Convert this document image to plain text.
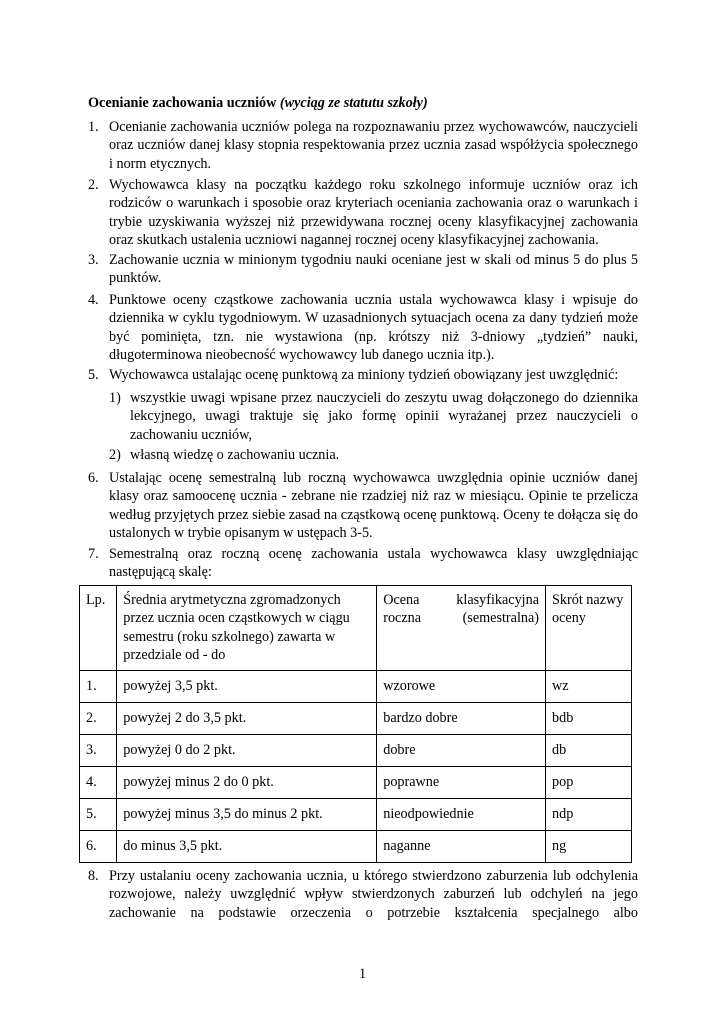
Ocenianie zachowania uczniów (wyciąg ze statutu szkoły)
1. Ocenianie zachowania uczniów polega na rozpoznawaniu przez wychowawców, nauczycieli oraz uczniów danej klasy stopnia respektowania przez ucznia zasad współżycia społecznego i norm etycznych.
2. Wychowawca klasy na początku każdego roku szkolnego informuje uczniów oraz ich rodziców o warunkach i sposobie oraz kryteriach oceniania zachowania oraz o warunkach i trybie uzyskiwania wyższej niż przewidywana rocznej oceny klasyfikacyjnej zachowania oraz skutkach ustalenia uczniowi nagannej rocznej oceny klasyfikacyjnej zachowania.
3. Zachowanie ucznia w minionym tygodniu nauki oceniane jest w skali od minus 5 do plus 5 punktów.
4. Punktowe oceny cząstkowe zachowania ucznia ustala wychowawca klasy i wpisuje do dziennika w cyklu tygodniowym. W uzasadnionych sytuacjach ocena za dany tydzień może być pominięta, tzn. nie wystawiona (np. krótszy niż 3-dniowy „tydzień” nauki, długoterminowa nieobecność wychowawcy lub danego ucznia itp.).
5. Wychowawca ustalając ocenę punktową za miniony tydzień obowiązany jest uwzględnić:
1) wszystkie uwagi wpisane przez nauczycieli do zeszytu uwag dołączonego do dziennika lekcyjnego, uwagi traktuje się jako formę opinii wyrażanej przez nauczycieli o zachowaniu uczniów,
2) własną wiedzę o zachowaniu ucznia.
6. Ustalając ocenę semestralną lub roczną wychowawca uwzględnia opinie uczniów danej klasy oraz samoocenę ucznia - zebrane nie rzadziej niż raz w miesiącu. Opinie te przelicza według przyjętych przez siebie zasad na cząstkową ocenę punktową. Oceny te dołącza się do ustalonych w trybie opisanym w ustępach 3-5.
7. Semestralną oraz roczną ocenę zachowania ustala wychowawca klasy uwzględniając następującą skalę:
Lp.	Średnia arytmetyczna zgromadzonych przez ucznia ocen cząstkowych w ciągu semestru (roku szkolnego) zawarta w przedziale od - do	Ocena klasyfikacyjna roczna (semestralna)	Skrót nazwy oceny
1.	powyżej 3,5 pkt.	wzorowe	wz
2.	powyżej 2 do 3,5 pkt.	bardzo dobre	bdb
3.	powyżej 0 do 2 pkt.	dobre	db
4.	powyżej minus 2 do 0 pkt.	poprawne	pop
5.	powyżej minus 3,5 do minus 2 pkt.	nieodpowiednie	ndp
6.	do minus 3,5 pkt.	naganne	ng
8. Przy ustalaniu oceny zachowania ucznia, u którego stwierdzono zaburzenia lub odchylenia rozwojowe, należy uwzględnić wpływ stwierdzonych zaburzeń lub odchyleń na jego zachowanie na podstawie orzeczenia o potrzebie kształcenia specjalnego albo
1
